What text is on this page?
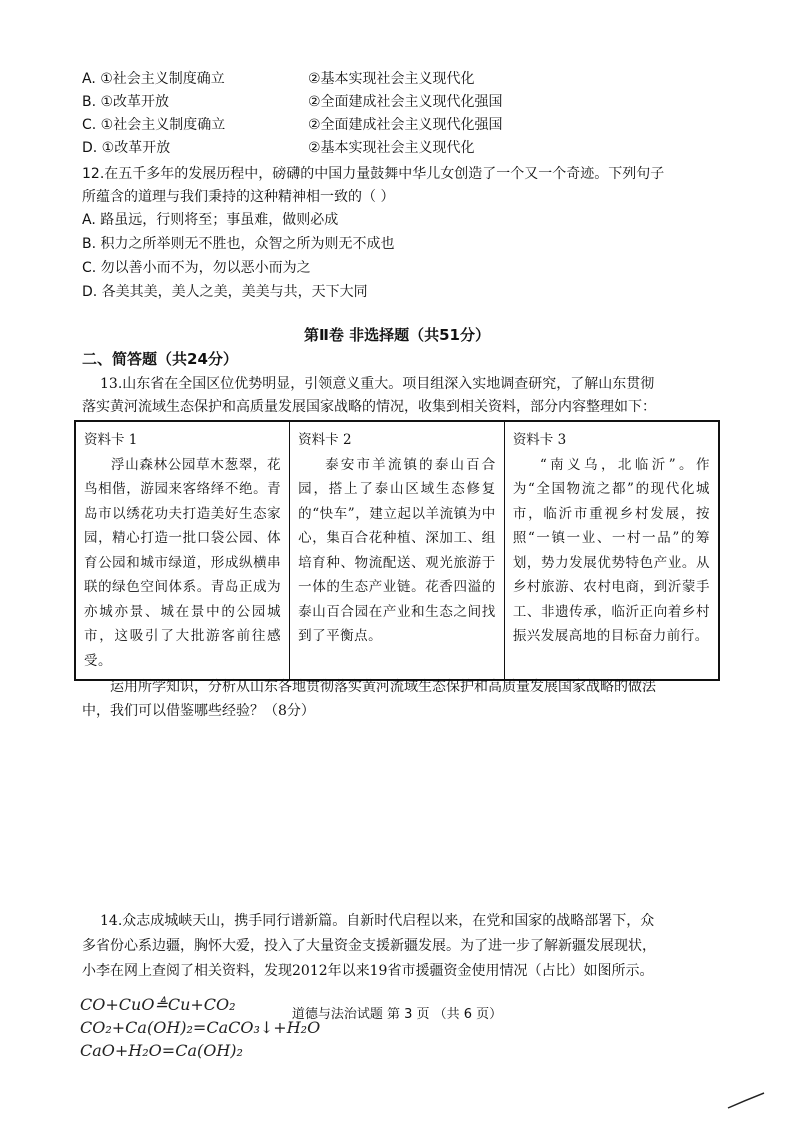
A. ①社会主义制度确立	②基本实现社会主义现代化
B. ①改革开放	②全面建成社会主义现代化强国
C. ①社会主义制度确立	②全面建成社会主义现代化强国
D. ①改革开放	②基本实现社会主义现代化
12.在五千多年的发展历程中，磅礴的中国力量鼓舞中华儿女创造了一个又一个奇迹。下列句子
所蕴含的道理与我们秉持的这种精神相一致的（ ）
A. 路虽远，行则将至；事虽难，做则必成
B. 积力之所举则无不胜也，众智之所为则无不成也
C. 勿以善小而不为，勿以恶小而为之
D. 各美其美，美人之美，美美与共，天下大同
第Ⅱ卷 非选择题（共51分）
二、简答题（共24分）
13.山东省在全国区位优势明显，引领意义重大。项目组深入实地调查研究，了解山东贯彻
落实黄河流域生态保护和高质量发展国家战略的情况，收集到相关资料，部分内容整理如下：
资料卡 1
浮山森林公园草木葱翠，花鸟相偕，游园来客络绎不绝。青岛市以绣花功夫打造美好生态家园，精心打造一批口袋公园、体育公园和城市绿道，形成纵横串联的绿色空间体系。青岛正成为亦城亦景、城在景中的公园城市，这吸引了大批游客前往感受。

资料卡 2
泰安市羊流镇的泰山百合园，搭上了泰山区域生态修复的“快车”，建立起以羊流镇为中心，集百合花种植、深加工、组培育种、物流配送、观光旅游于一体的生态产业链。花香四溢的泰山百合园在产业和生态之间找到了平衡点。

资料卡 3
“南义乌，北临沂”。作为“全国物流之都”的现代化城市，临沂市重视乡村发展，按照“一镇一业、一村一品”的筹划，势力发展优势特色产业。从乡村旅游、农村电商，到沂蒙手工、非遗传承，临沂正向着乡村振兴发展高地的目标奋力前行。
运用所学知识，分析从山东各地贯彻落实黄河流域生态保护和高质量发展国家战略的做法
中，我们可以借鉴哪些经验？（8分）
14.众志成城峡天山，携手同行谱新篇。自新时代启程以来，在党和国家的战略部署下，众
多省份心系边疆，胸怀大爱，投入了大量资金支援新疆发展。为了进一步了解新疆发展现状，
小李在网上查阅了相关资料，发现2012年以来19省市援疆资金使用情况（占比）如图所示。
道德与法治试题 第 3 页 （共 6 页）
CO+CuO≜Cu+CO₂
CO₂+Ca(OH)₂=CaCO₃↓+H₂O
CaO+H₂O=Ca(OH)₂
